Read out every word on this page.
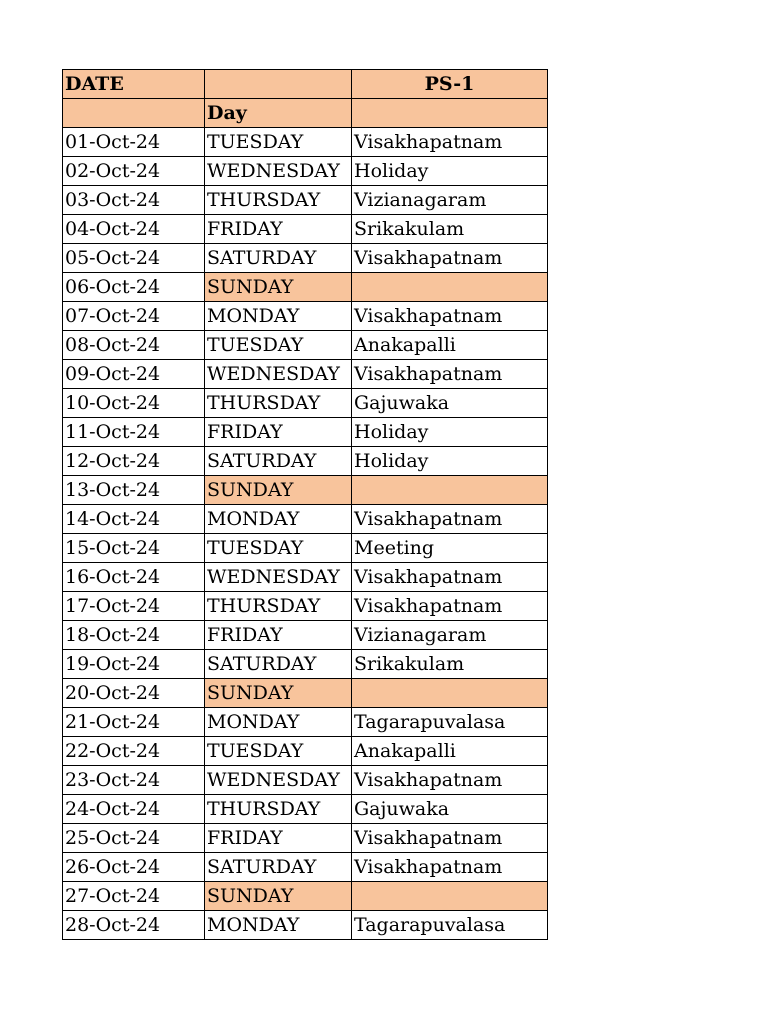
DATE		PS-1
	Day	
01-Oct-24	TUESDAY	Visakhapatnam
02-Oct-24	WEDNESDAY	Holiday
03-Oct-24	THURSDAY	Vizianagaram
04-Oct-24	FRIDAY	Srikakulam
05-Oct-24	SATURDAY	Visakhapatnam
06-Oct-24	SUNDAY	
07-Oct-24	MONDAY	Visakhapatnam
08-Oct-24	TUESDAY	Anakapalli
09-Oct-24	WEDNESDAY	Visakhapatnam
10-Oct-24	THURSDAY	Gajuwaka
11-Oct-24	FRIDAY	Holiday
12-Oct-24	SATURDAY	Holiday
13-Oct-24	SUNDAY	
14-Oct-24	MONDAY	Visakhapatnam
15-Oct-24	TUESDAY	Meeting
16-Oct-24	WEDNESDAY	Visakhapatnam
17-Oct-24	THURSDAY	Visakhapatnam
18-Oct-24	FRIDAY	Vizianagaram
19-Oct-24	SATURDAY	Srikakulam
20-Oct-24	SUNDAY	
21-Oct-24	MONDAY	Tagarapuvalasa
22-Oct-24	TUESDAY	Anakapalli
23-Oct-24	WEDNESDAY	Visakhapatnam
24-Oct-24	THURSDAY	Gajuwaka
25-Oct-24	FRIDAY	Visakhapatnam
26-Oct-24	SATURDAY	Visakhapatnam
27-Oct-24	SUNDAY	
28-Oct-24	MONDAY	Tagarapuvalasa
